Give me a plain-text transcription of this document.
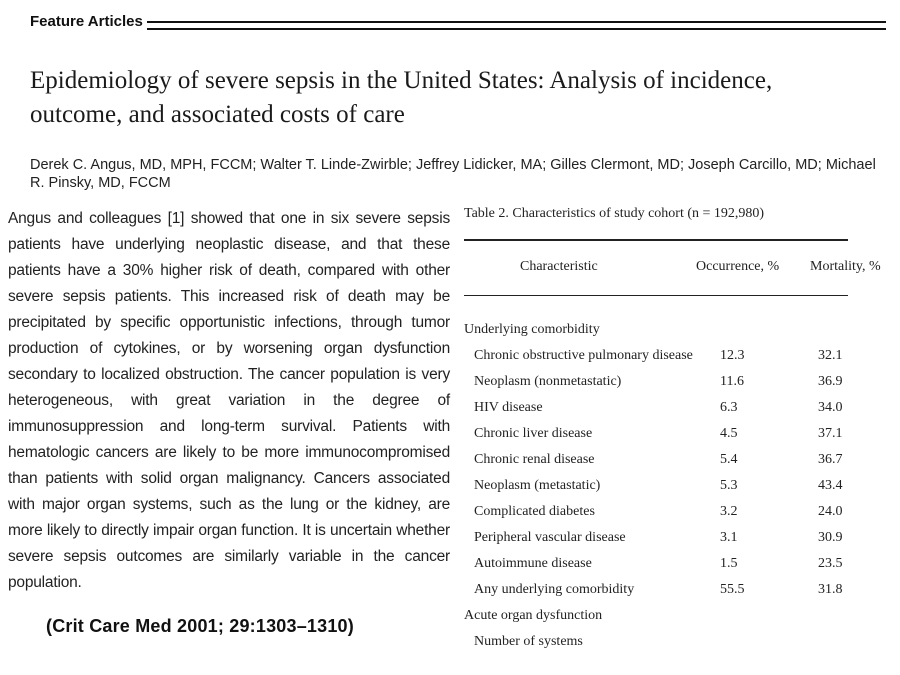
Feature Articles
Epidemiology of severe sepsis in the United States: Analysis of incidence, outcome, and associated costs of care
Derek C. Angus, MD, MPH, FCCM; Walter T. Linde-Zwirble; Jeffrey Lidicker, MA; Gilles Clermont, MD; Joseph Carcillo, MD; Michael R. Pinsky, MD, FCCM

Angus and colleagues [1] showed that one in six severe sepsis patients have underlying neoplastic disease, and that these patients have a 30% higher risk of death, compared with other severe sepsis patients. This increased risk of death may be precipitated by specific opportunistic infections, through tumor production of cytokines, or by worsening organ dysfunction secondary to localized obstruction. The cancer population is very heterogeneous, with great variation in the degree of immunosuppression and long-term survival. Patients with hematologic cancers are likely to be more immunocompromised than patients with solid organ malignancy. Cancers associated with major organ systems, such as the lung or the kidney, are more likely to directly impair organ function. It is uncertain whether severe sepsis outcomes are similarly variable in the cancer population.

(Crit Care Med 2001; 29:1303–1310)
Table 2. Characteristics of study cohort (n = 192,980)
Characteristic	Occurrence, % Mortality, %
Underlying comorbidity
Chronic obstructive pulmonary disease 12.3	32.1
Neoplasm (nonmetastatic)	11.6	36.9
HIV disease	6.3	34.0
Chronic liver disease	4.5	37.1
Chronic renal disease	5.4	36.7
Neoplasm (metastatic)	5.3	43.4
Complicated diabetes	3.2	24.0
Peripheral vascular disease	3.1	30.9
Autoimmune disease	1.5	23.5
Any underlying comorbidity	55.5	31.8
Acute organ dysfunction
Number of systems
